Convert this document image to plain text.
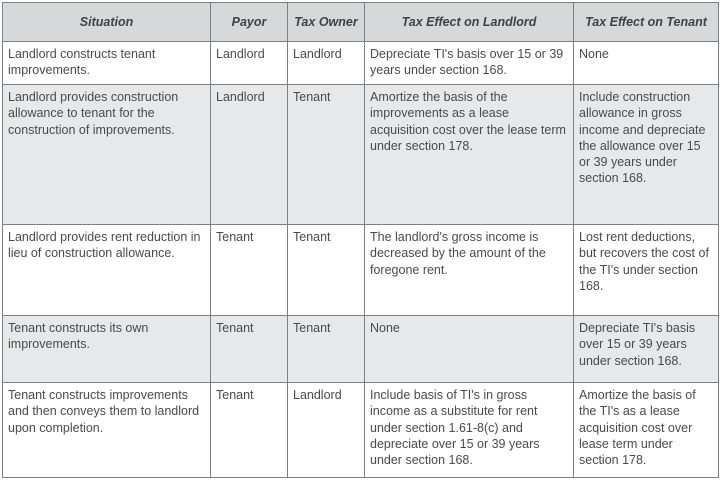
Situation	Payor	Tax Owner	Tax Effect on Landlord	Tax Effect on Tenant
Landlord constructs tenant improvements.	Landlord	Landlord	Depreciate TI's basis over 15 or 39 years under section 168.	None
Landlord provides construction allowance to tenant for the construction of improvements.	Landlord	Tenant	Amortize the basis of the improvements as a lease acquisition cost over the lease term under section 178.	Include construction allowance in gross income and depreciate the allowance over 15 or 39 years under section 168.
Landlord provides rent reduction in lieu of construction allowance.	Tenant	Tenant	The landlord's gross income is decreased by the amount of the foregone rent.	Lost rent deductions, but recovers the cost of the TI's under section 168.
Tenant constructs its own improvements.	Tenant	Tenant	None	Depreciate TI's basis over 15 or 39 years under section 168.
Tenant constructs improvements and then conveys them to landlord upon completion.	Tenant	Landlord	Include basis of TI's in gross income as a substitute for rent under section 1.61-8(c) and depreciate over 15 or 39 years under section 168.	Amortize the basis of the TI's as a lease acquisition cost over lease term under section 178.
